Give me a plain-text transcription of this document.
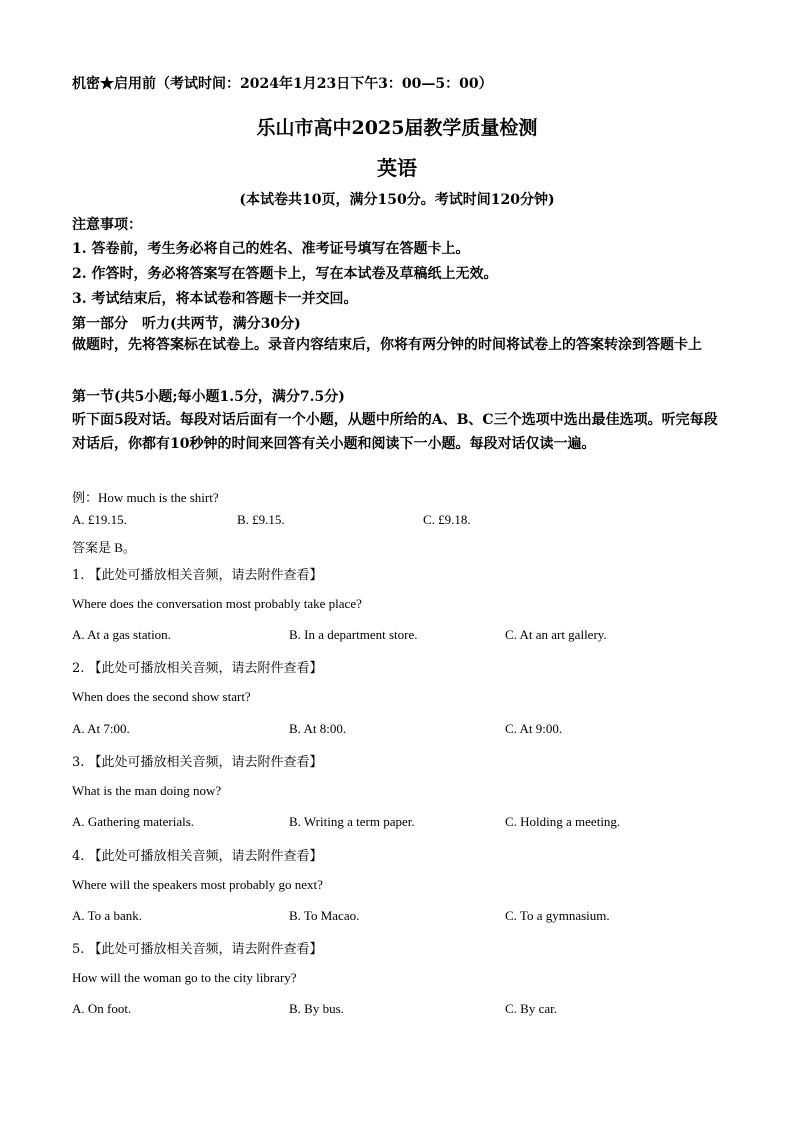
机密★启用前（考试时间：2024年1月23日下午3：00—5：00）
乐山市高中2025届教学质量检测
英语
(本试卷共10页，满分150分。考试时间120分钟)
注意事项：
1. 答卷前，考生务必将自己的姓名、准考证号填写在答题卡上。
2. 作答时，务必将答案写在答题卡上，写在本试卷及草稿纸上无效。
3. 考试结束后，将本试卷和答题卡一并交回。
第一部分　听力(共两节，满分30分)
做题时，先将答案标在试卷上。录音内容结束后，你将有两分钟的时间将试卷上的答案转涂到答题卡上
第一节(共5小题;每小题1.5分，满分7.5分)
听下面5段对话。每段对话后面有一个小题，从题中所给的A、B、C三个选项中选出最佳选项。听完每段对话后，你都有10秒钟的时间来回答有关小题和阅读下一小题。每段对话仅读一遍。
例：How much is the shirt?
A. £19.15.	B. £9.15.	C. £9.18.
答案是 B。
1. 【此处可播放相关音频，请去附件查看】
Where does the conversation most probably take place?
A. At a gas station.	B. In a department store.	C. At an art gallery.
2. 【此处可播放相关音频，请去附件查看】
When does the second show start?
A. At 7:00.	B. At 8:00.	C. At 9:00.
3. 【此处可播放相关音频，请去附件查看】
What is the man doing now?
A. Gathering materials.	B. Writing a term paper.	C. Holding a meeting.
4. 【此处可播放相关音频，请去附件查看】
Where will the speakers most probably go next?
A. To a bank.	B. To Macao.	C. To a gymnasium.
5. 【此处可播放相关音频，请去附件查看】
How will the woman go to the city library?
A. On foot.	B. By bus.	C. By car.
